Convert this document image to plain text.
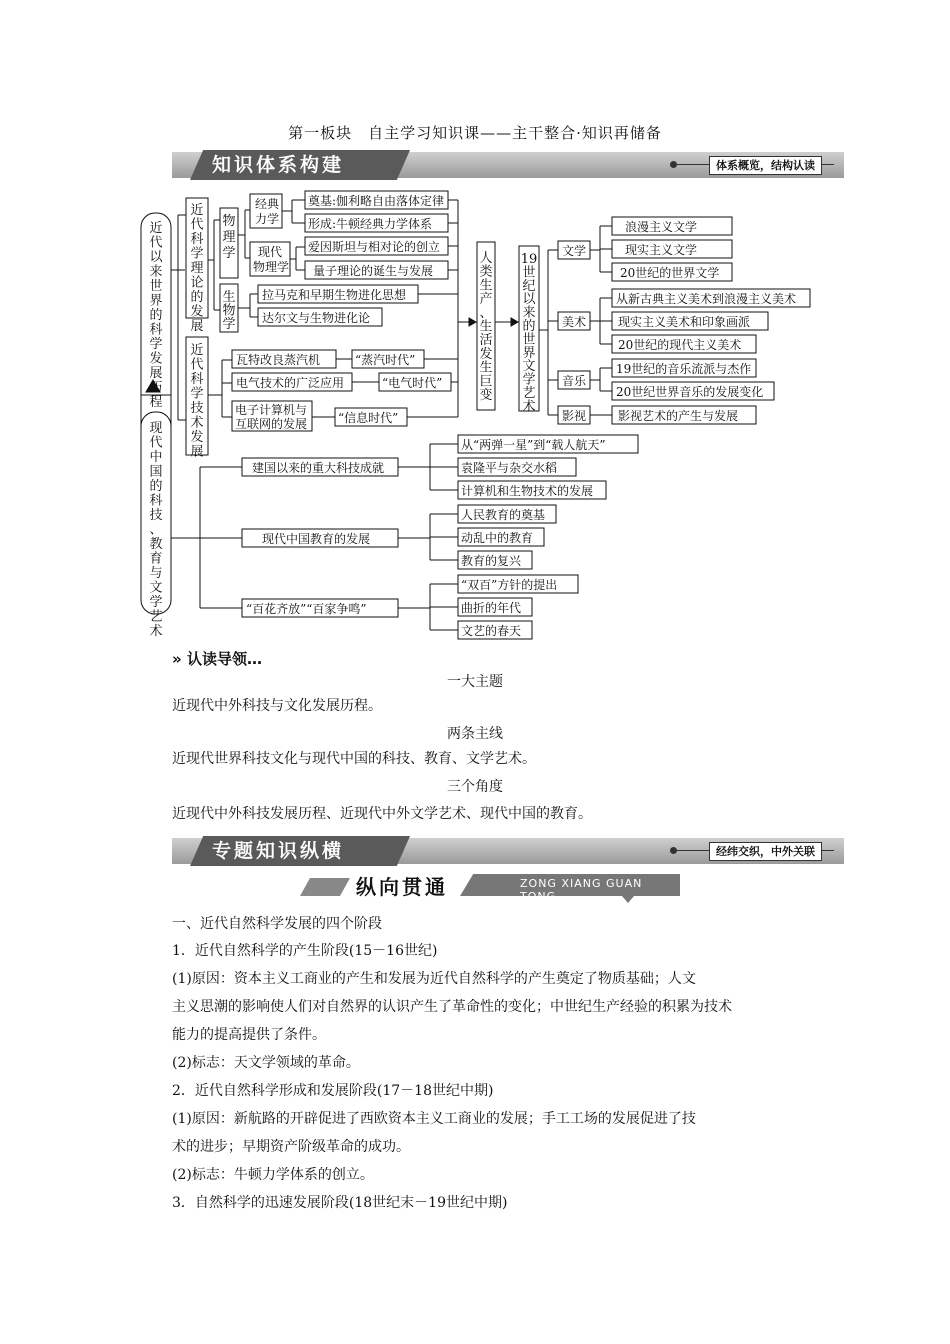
第一板块　自主学习知识课——主干整合·知识再储备
知识体系构建	体系概览，结构认读
近代以来世界的科学发展历程
现代中国的科技、教育与文学艺术
近代科学理论的发展
近代科学技术发展
物理学
生物学
人类生产、生活发生巨变
19 世纪以来的世界文学艺术
经典
力学
现代
物理学
奠基:伽利略自由落体定律
形成:牛顿经典力学体系
爱因斯坦与相对论的创立
量子理论的诞生与发展
拉马克和早期生物进化思想
达尔文与生物进化论
瓦特改良蒸汽机	“蒸汽时代”
电气技术的广泛应用	“电气时代”
电子计算机与
互联网的发展	“信息时代”
文学
美术
音乐
影视
浪漫主义文学
现实主义文学
20世纪的世界文学
从新古典主义美术到浪漫主义美术
现实主义美术和印象画派
20世纪的现代主义美术
19世纪的音乐流派与杰作
20世纪世界音乐的发展变化
影视艺术的产生与发展
建国以来的重大科技成就
现代中国教育的发展
“百花齐放”“百家争鸣”
从“两弹一星”到“载人航天”
袁隆平与杂交水稻
计算机和生物技术的发展
人民教育的奠基
动乱中的教育
教育的复兴
“双百”方针的提出
曲折的年代
文艺的春天
» 认读导领…
一大主题
近现代中外科技与文化发展历程。
两条主线
近现代世界科技文化与现代中国的科技、教育、文学艺术。
三个角度
近现代中外科技发展历程、近现代中外文学艺术、现代中国的教育。
专题知识纵横	经纬交织，中外关联
纵向贯通	ZONG XIANG GUAN TONG
一、近代自然科学发展的四个阶段
1．近代自然科学的产生阶段(15－16世纪)
(1)原因：资本主义工商业的产生和发展为近代自然科学的产生奠定了物质基础；人文
主义思潮的影响使人们对自然界的认识产生了革命性的变化；中世纪生产经验的积累为技术
能力的提高提供了条件。
(2)标志：天文学领域的革命。
2．近代自然科学形成和发展阶段(17－18世纪中期)
(1)原因：新航路的开辟促进了西欧资本主义工商业的发展；手工工场的发展促进了技
术的进步；早期资产阶级革命的成功。
(2)标志：牛顿力学体系的创立。
3．自然科学的迅速发展阶段(18世纪末－19世纪中期)
